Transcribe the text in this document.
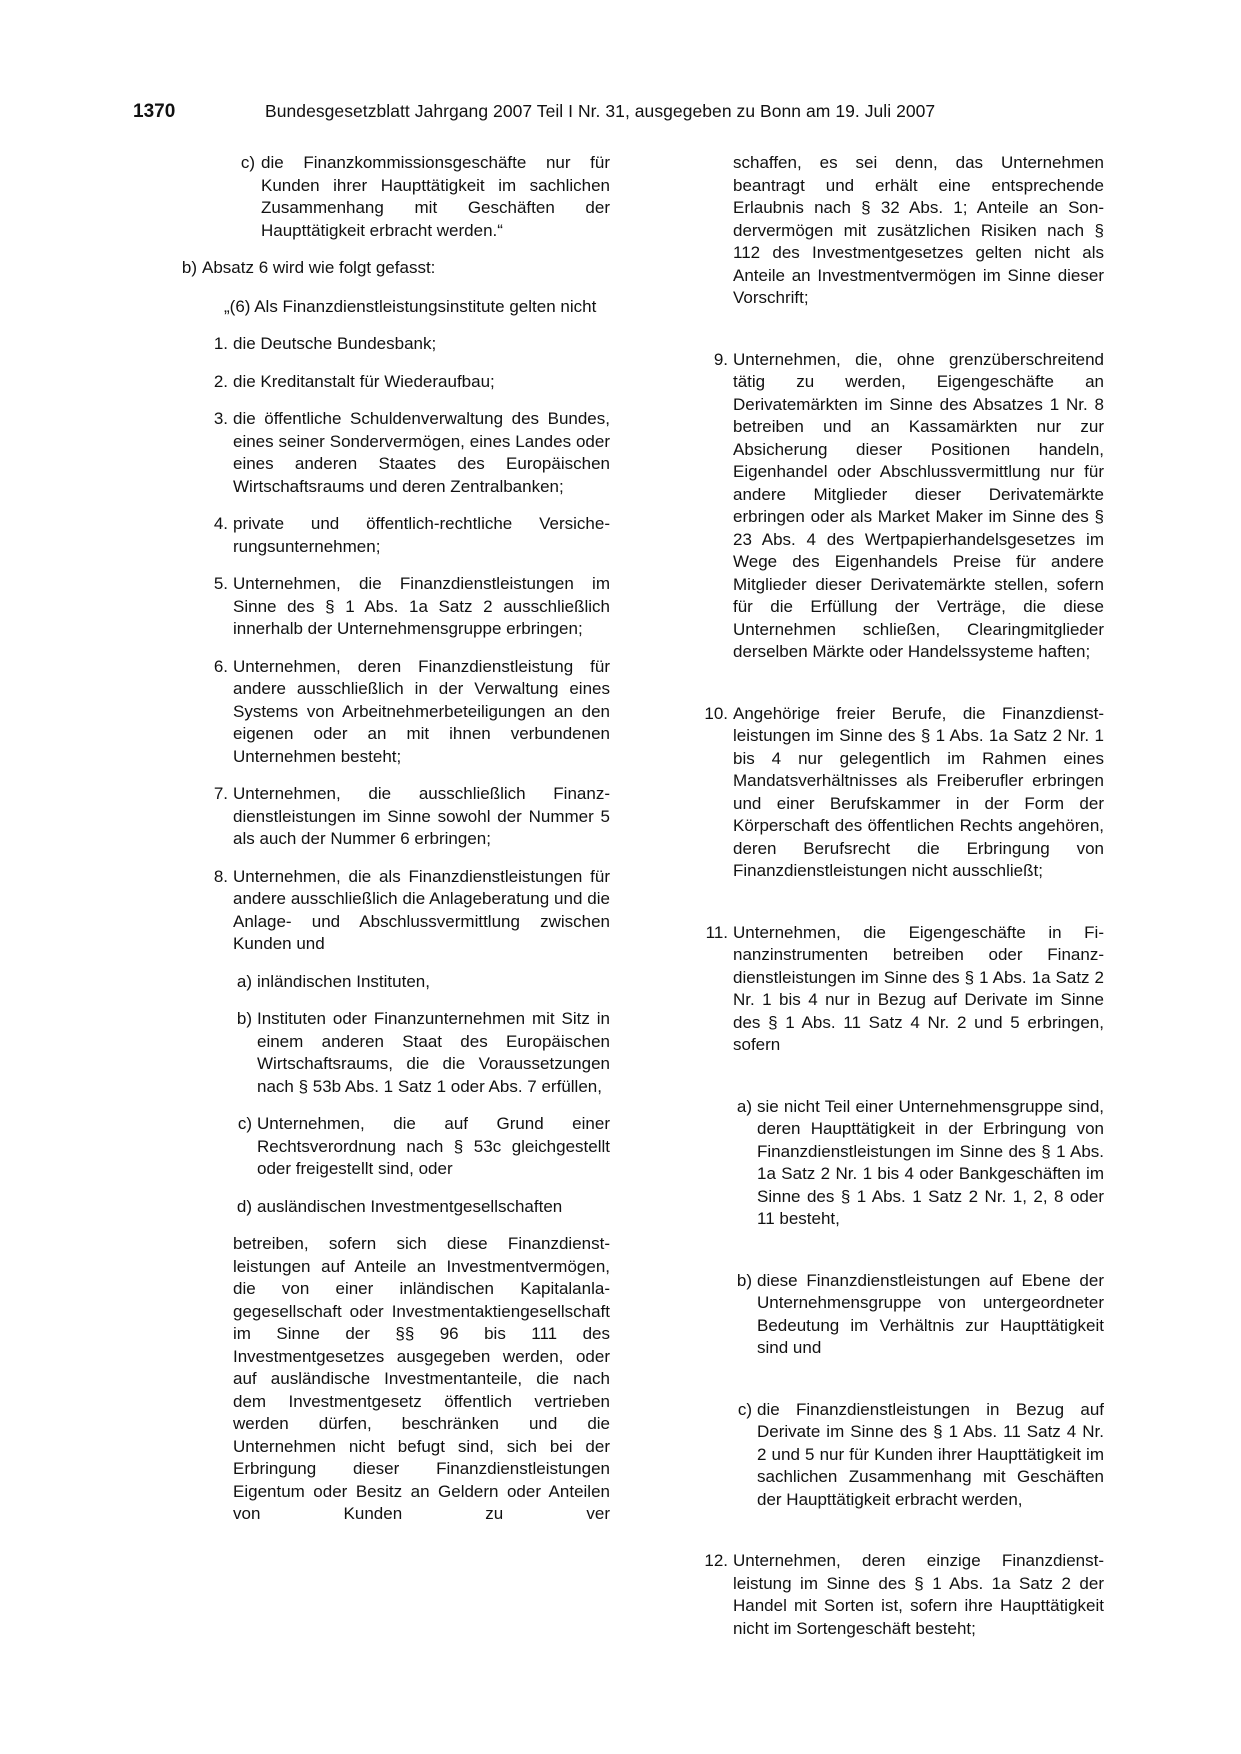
1370	Bundesgesetzblatt Jahrgang 2007 Teil I Nr. 31, ausgegeben zu Bonn am 19. Juli 2007
c) die Finanzkommissionsgeschäfte nur für Kunden ihrer Haupttätigkeit im sachlichen Zusammenhang mit Geschäften der Haupttätigkeit erbracht werden.“
b) Absatz 6 wird wie folgt gefasst:
„(6) Als Finanzdienstleistungsinstitute gelten nicht
1. die Deutsche Bundesbank;
2. die Kreditanstalt für Wiederaufbau;
3. die öffentliche Schuldenverwaltung des Bundes, eines seiner Sondervermögen, eines Landes oder eines anderen Staates des Europäischen Wirtschaftsraums und deren Zentralbanken;
4. private und öffentlich-rechtliche Versicherungsunternehmen;
5. Unternehmen, die Finanzdienstleistungen im Sinne des § 1 Abs. 1a Satz 2 ausschließlich innerhalb der Unternehmensgruppe erbringen;
6. Unternehmen, deren Finanzdienstleistung für andere ausschließlich in der Verwaltung eines Systems von Arbeitnehmerbeteiligungen an den eigenen oder an mit ihnen verbundenen Unternehmen besteht;
7. Unternehmen, die ausschließlich Finanzdienstleistungen im Sinne sowohl der Nummer 5 als auch der Nummer 6 erbringen;
8. Unternehmen, die als Finanzdienstleistungen für andere ausschließlich die Anlageberatung und die Anlage- und Abschlussvermittlung zwischen Kunden und
a) inländischen Instituten,
b) Instituten oder Finanzunternehmen mit Sitz in einem anderen Staat des Europäischen Wirtschaftsraums, die die Voraussetzungen nach § 53b Abs. 1 Satz 1 oder Abs. 7 erfüllen,
c) Unternehmen, die auf Grund einer Rechtsverordnung nach § 53c gleichgestellt oder freigestellt sind, oder
d) ausländischen Investmentgesellschaften
betreiben, sofern sich diese Finanzdienstleistungen auf Anteile an Investmentvermögen, die von einer inländischen Kapitalanlagegesellschaft oder Investmentaktiengesellschaft im Sinne der §§ 96 bis 111 des Investmentgesetzes ausgegeben werden, oder auf ausländische Investmentanteile, die nach dem Investmentgesetz öffentlich vertrieben werden dürfen, beschränken und die Unternehmen nicht befugt sind, sich bei der Erbringung dieser Finanzdienstleistungen Eigentum oder Besitz an Geldern oder Anteilen von Kunden zu ver
schaffen, es sei denn, das Unternehmen beantragt und erhält eine entsprechende Erlaubnis nach § 32 Abs. 1; Anteile an Sondervermögen mit zusätzlichen Risiken nach § 112 des Investmentgesetzes gelten nicht als Anteile an Investmentvermögen im Sinne dieser Vorschrift;
9. Unternehmen, die, ohne grenzüberschreitend tätig zu werden, Eigengeschäfte an Derivatemärkten im Sinne des Absatzes 1 Nr. 8 betreiben und an Kassamärkten nur zur Absicherung dieser Positionen handeln, Eigenhandel oder Abschlussvermittlung nur für andere Mitglieder dieser Derivatemärkte erbringen oder als Market Maker im Sinne des § 23 Abs. 4 des Wertpapierhandelsgesetzes im Wege des Eigenhandels Preise für andere Mitglieder dieser Derivatemärkte stellen, sofern für die Erfüllung der Verträge, die diese Unternehmen schließen, Clearingmitglieder derselben Märkte oder Handelssysteme haften;
10. Angehörige freier Berufe, die Finanzdienstleistungen im Sinne des § 1 Abs. 1a Satz 2 Nr. 1 bis 4 nur gelegentlich im Rahmen eines Mandatsverhältnisses als Freiberufler erbringen und einer Berufskammer in der Form der Körperschaft des öffentlichen Rechts angehören, deren Berufsrecht die Erbringung von Finanzdienstleistungen nicht ausschließt;
11. Unternehmen, die Eigengeschäfte in Finanzinstrumenten betreiben oder Finanzdienstleistungen im Sinne des § 1 Abs. 1a Satz 2 Nr. 1 bis 4 nur in Bezug auf Derivate im Sinne des § 1 Abs. 11 Satz 4 Nr. 2 und 5 erbringen, sofern
a) sie nicht Teil einer Unternehmensgruppe sind, deren Haupttätigkeit in der Erbringung von Finanzdienstleistungen im Sinne des § 1 Abs. 1a Satz 2 Nr. 1 bis 4 oder Bankgeschäften im Sinne des § 1 Abs. 1 Satz 2 Nr. 1, 2, 8 oder 11 besteht,
b) diese Finanzdienstleistungen auf Ebene der Unternehmensgruppe von untergeordneter Bedeutung im Verhältnis zur Haupttätigkeit sind und
c) die Finanzdienstleistungen in Bezug auf Derivate im Sinne des § 1 Abs. 11 Satz 4 Nr. 2 und 5 nur für Kunden ihrer Haupttätigkeit im sachlichen Zusammenhang mit Geschäften der Haupttätigkeit erbracht werden,
12. Unternehmen, deren einzige Finanzdienstleistung im Sinne des § 1 Abs. 1a Satz 2 der Handel mit Sorten ist, sofern ihre Haupttätigkeit nicht im Sortengeschäft besteht;
